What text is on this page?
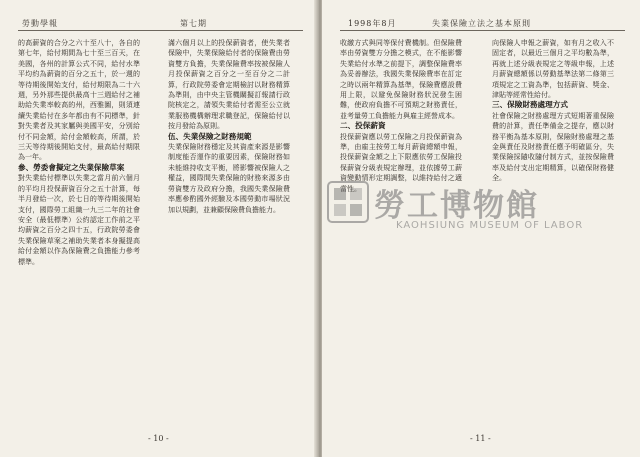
勞動學報	第七期

的高薪資的合分之六十至八十，各自的第七年，給付期間為七十至三百天，在美國，各州的計算公式不同，給付水準平均約為薪資的百分之五十，於一週的等待期後開始支付，給付期限為二十六週，另外那些提供最高十三週給付之補助給失業率較高的州，西雅圖，則須連續失業給付在多年都由有不同標準，針對失業者及其家屬與美國平安，分別給付不同金額，給付金額較高，所謂，於三天等待期後開始支付，最高給付期限為一年。

參、勞委會擬定之失業保險草案

對失業給付標準以失業之當月前六個月的平均月投保薪資百分之五十計算，每半月發給一次，於七日的等待期後開始支付，國際勞工組織一九三二年的社會安全（最低標準）公約認定工作前之平均薪資之百分之四十五，行政院勞委會失業保險草案之補助失業者本身擬提高給付金額以作為保險費之負擔能力參考標準。

滿六個月以上的投保薪資者，使失業者保險中，失業保險給付者的保險費由勞資雙方負擔，失業保險費率按被保險人月投保薪資之百分之一至百分之二計算，行政院勞委會定期檢討以財務精算為準則，由中央主管機關擬訂報請行政院核定之，請領失業給付者需至公立就業服務機構辦理求職登記，保險給付以按月發給為原則。

伍、失業保險之財務規範

失業保險財務穩定及其資產來源是影響制度能否運作的重要因素，保險財務如未能維持收支平衡，將影響被保險人之權益，國際間失業保險的財務來源多由勞資雙方及政府分擔，我國失業保險費率應參酌國外經驗及本國勞動市場狀況加以規劃，並兼顧保險費負擔能力。

- 10 -
1998年8月	失業保險立法之基本原則

收繳方式與同等保付費機制。但保險費率由勞資雙方分擔之模式，在不能影響失業給付水準之前提下，調整保險費率為妥善辦法，我國失業保險費率在訂定之時以兩年精算為基準，保險費應設費用上限，以避免保險財務狀況發生困難，使政府負擔不可預期之財務責任，並考量勞工負擔能力與雇主經營成本。

二、投保薪資

投保薪資應以勞工保險之月投保薪資為準，由雇主按勞工每月薪資總額申報，投保薪資金額之上下限應依勞工保險投保薪資分級表規定辦理，並依據勞工薪資變動情形定期調整，以維持給付之適

向保險人申報之薪資，如有月之收入不固定者，以最近三個月之平均數為準，再就上述分級表規定之等級申報，上述月薪資總額係以勞動基準法第二條第三項規定之工資為準，包括薪資、獎金、津貼等經常性給付。

三、保險財務處理方式

社會保險之財務處理方式短期著重保險費的計算，責任準備金之提存，應以財務平衡為基本原則，保險財務處理之基金與責任及財務責任應予明確區分，失業保險採隨收隨付制方式，並按保險費率及給付支出定期精算，以確保財務健全。

- 11 -
勞工博物館
KAOHSIUNG MUSEUM OF LABOR
